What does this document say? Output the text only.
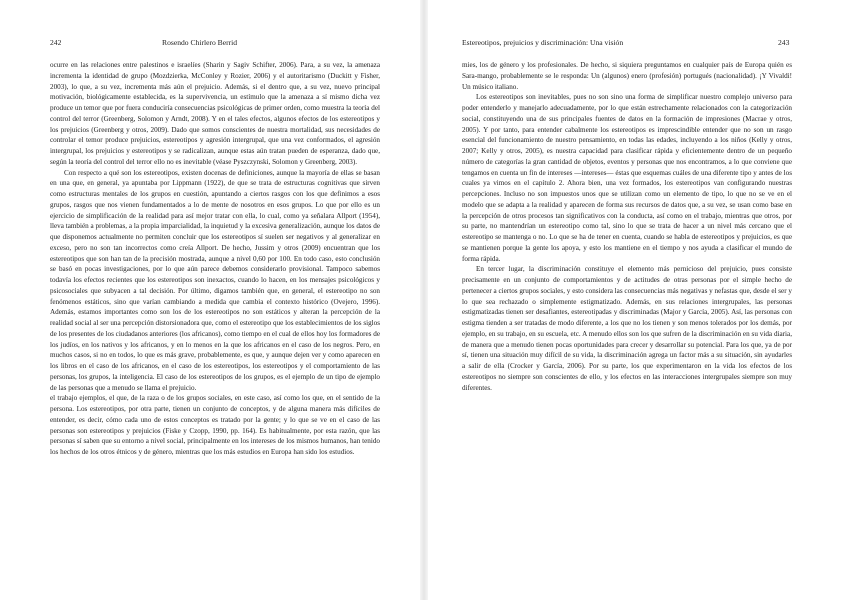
242	Rosendo Chirlero Berrid

ocurre en las relaciones entre palestinos e israelíes (Sharin y Sagiv Schifter, 2006). Para, a su vez, la amenaza incrementa la identidad de grupo (Mozdzierka, McConley y Rozier, 2006) y el autoritarismo (Duckitt y Fisher, 2003), lo que, a su vez, incrementa más aún el prejuicio. Además, si el dentro que, a su vez, nuevo principal motivación, biológicamente establecida, es la supervivencia, un estímulo que la amenaza a sí mismo dicha vez produce un temor que por fuera conduciría consecuencias psicológicas de primer orden, como muestra la teoría del control del terror (Greenberg, Solomon y Arndt, 2008). Y en el tales efectos, algunos efectos de los estereotipos y los prejuicios (Greenberg y otros, 2009). Dado que somos conscientes de nuestra mortalidad, sus necesidades de controlar el temor produce prejuicios, estereotipos y agresión intergrupal, que una vez conformados, el agresión intergrupal, los prejuicios y estereotipos y se radicalizan, aunque estas aún tratan pueden de esperanza, dado que, según la teoría del control del terror ello no es inevitable (véase Pyszczynski, Solomon y Greenberg, 2003).

Con respecto a qué son los estereotipos, existen docenas de definiciones, aunque la mayoría de ellas se basan en una que, en general, ya apuntaba por Lippmann (1922), de que se trata de estructuras cognitivas que sirven como estructuras mentales de los grupos en cuestión, apuntando a ciertos rasgos con los que definimos a esos grupos, rasgos que nos vienen fundamentados a lo de mente de nosotros en esos grupos. Lo que por ello es un ejercicio de simplificación de la realidad para así mejor tratar con ella, lo cual, como ya señalara Allport (1954), lleva también a problemas, a la propia imparcialidad, la inquietud y la excesiva generalización, aunque los datos de que disponemos actualmente no permiten concluir que los estereotipos sí suelen ser negativos y al generalizar en exceso, pero no son tan incorrectos como creía Allport. De hecho, Jussim y otros (2009) encuentran que los estereotipos que son han tan de la precisión mostrada, aunque a nivel 0,60 por 100. En todo caso, esto conclusión se basó en pocas investigaciones, por lo que aún parece debemos considerarlo provisional. Tampoco sabemos todavía los efectos recientes que los estereotipos son inexactos, cuando lo hacen, en los mensajes psicológicos y psicosociales que subyacen a tal decisión. Por último, digamos también que, en general, el estereotipo no son fenómenos estáticos, sino que varían cambiando a medida que cambia el contexto histórico (Ovejero, 1996). Además, estamos importantes como son los de los estereotipos no son estáticos y alteran la percepción de la realidad social al ser una percepción distorsionadora que, como el estereotipo que los establecimientos de los siglos de los presentes de los ciudadanos anteriores (los africanos), como tiempo en el cual de ellos hoy los formadores de los judíos, en los nativos y los africanos, y en lo menos en la que los africanos en el caso de los negros. Pero, en muchos casos, si no en todos, lo que es más grave, probablemente, es que, y aunque dejen ver y como aparecen en los libros en el caso de los africanos, en el caso de los estereotipos, los estereotipos y el comportamiento de las personas, los grupos, la inteligencia. El caso de los estereotipos de los grupos, es el ejemplo de un tipo de ejemplo de las personas que a menudo se llama el prejuicio.

el trabajo ejemplos, el que, de la raza o de los grupos sociales, en este caso, así como los que, en el sentido de la persona. Los estereotipos, por otra parte, tienen un conjunto de conceptos, y de alguna manera más difíciles de entender, es decir, cómo cada uno de estos conceptos es tratado por la gente; y lo que se ve en el caso de las personas son estereotipos y prejuicios (Fiske y Czopp, 1990, pp. 164). Es habitualmente, por esta razón, que las personas sí saben que su entorno a nivel social, principalmente en los intereses de los mismos humanos, han tenido los hechos de los otros étnicos y de género, mientras que los más estudios en Europa han sido los estudios.

Estereotipos, prejuicios y discriminación: Una visión	243

mies, los de género y los profesionales. De hecho, si siquiera preguntamos en cualquier país de Europa quién es Sara-mango, probablemente se le responda: Un (algunos) enero (profesión) portugués (nacionalidad). ¡Y Vivaldi! Un músico italiano.

Los estereotipos son inevitables, pues no son sino una forma de simplificar nuestro complejo universo para poder entenderlo y manejarlo adecuadamente, por lo que están estrechamente relacionados con la categorización social, constituyendo una de sus principales fuentes de datos en la formación de impresiones (Macrae y otros, 2005). Y por tanto, para entender cabalmente los estereotipos es imprescindible entender que no son un rasgo esencial del funcionamiento de nuestro pensamiento, en todas las edades, incluyendo a los niños (Kelly y otros, 2007; Kelly y otros, 2005), es nuestra capacidad para clasificar rápida y eficientemente dentro de un pequeño número de categorías la gran cantidad de objetos, eventos y personas que nos encontramos, a lo que conviene que tengamos en cuenta un fin de intereses —intereses— éstas que esquemas cuáles de una diferente tipo y antes de los cuales ya vimos en el capítulo 2. Ahora bien, una vez formados, los estereotipos van configurando nuestras percepciones. Incluso no son impuestos unos que se utilizan como un elemento de tipo, lo que no se ve en el modelo que se adapta a la realidad y aparecen de forma sus recursos de datos que, a su vez, se usan como base en la percepción de otros procesos tan significativos con la conducta, así como en el trabajo, mientras que otros, por su parte, no mantendrían un estereotipo como tal, sino lo que se trata de hacer a un nivel más cercano que el estereotipo se mantenga o no. Lo que se ha de tener en cuenta, cuando se habla de estereotipos y prejuicios, es que se mantienen porque la gente los apoya, y esto los mantiene en el tiempo y nos ayuda a clasificar el mundo de forma rápida.

En tercer lugar, la discriminación constituye el elemento más pernicioso del prejuicio, pues consiste precisamente en un conjunto de comportamientos y de actitudes de otras personas por el simple hecho de pertenecer a ciertos grupos sociales, y esto considera las consecuencias más negativas y nefastas que, desde el ser y lo que sea rechazado o simplemente estigmatizado. Además, en sus relaciones intergrupales, las personas estigmatizadas tienen ser desafiantes, estereotipadas y discriminadas (Major y García, 2005). Así, las personas con estigma tienden a ser tratadas de modo diferente, a los que no los tienen y son menos tolerados por los demás, por ejemplo, en su trabajo, en su escuela, etc. A menudo ellos son los que sufren de la discriminación en su vida diaria, de manera que a menudo tienen pocas oportunidades para crecer y desarrollar su potencial. Para los que, ya de por sí, tienen una situación muy difícil de su vida, la discriminación agrega un factor más a su situación, sin ayudarles a salir de ella (Crocker y García, 2006). Por su parte, los que experimentaron en la vida los efectos de los estereotipos no siempre son conscientes de ello, y los efectos en las interacciones intergrupales siempre son muy diferentes.
